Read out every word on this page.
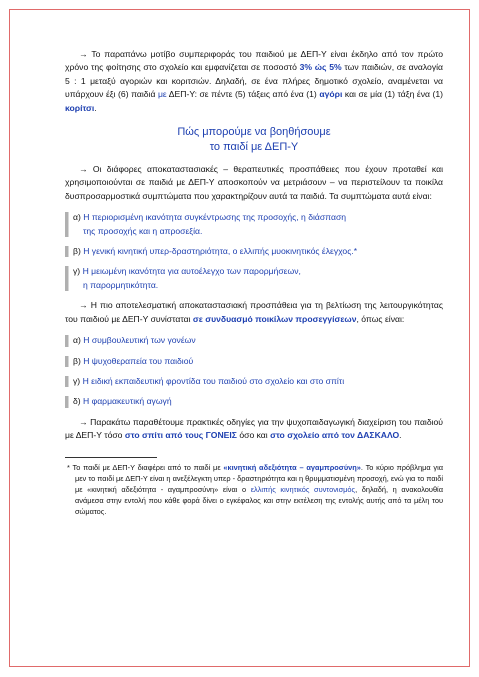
→ Το παραπάνω μοτίβο συμπεριφοράς του παιδιού με ΔΕΠ-Υ είναι έκδηλο από τον πρώτο χρόνο της φοίτησης στο σχολείο και εμφανίζεται σε ποσοστό 3% ώς 5% των παιδιών, σε αναλογία 5 : 1 μεταξύ αγοριών και κοριτσιών. Δηλαδή, σε ένα πλήρες δημοτικό σχολείο, αναμένεται να υπάρχουν έξι (6) παιδιά με ΔΕΠ-Υ: σε πέντε (5) τάξεις από ένα (1) αγόρι και σε μία (1) τάξη ένα (1) κορίτσι.

Πώς μπορούμε να βοηθήσουμε
το παιδί με ΔΕΠ-Υ

→ Οι διάφορες αποκαταστασιακές – θεραπευτικές προσπάθειες που έχουν προταθεί και χρησιμοποιούνται σε παιδιά με ΔΕΠ-Υ αποσκοπούν να μετριάσουν – να περιστείλουν τα ποικίλα δυσπροσαρμοστικά συμπτώματα που χαρακτηρίζουν αυτά τα παιδιά. Τα συμπτώματα αυτά είναι:

α) Η περιορισμένη ικανότητα συγκέντρωσης της προσοχής, η διάσπαση
της προσοχής και η απροσεξία.
β) Η γενική κινητική υπερ-δραστηριότητα, ο ελλιπής μυοκινητικός έλεγχος.*
γ) Η μειωμένη ικανότητα για αυτοέλεγχο των παρορμήσεων,
η παρορμητικότητα.

→ Η πιο αποτελεσματική αποκαταστασιακή προσπάθεια για τη βελτίωση της λειτουργικότητας του παιδιού με ΔΕΠ-Υ συνίσταται σε συνδυασμό ποικίλων προσεγγίσεων, όπως είναι:

α) Η συμβουλευτική των γονέων
β) Η ψυχοθεραπεία του παιδιού
γ) Η ειδική εκπαιδευτική φροντίδα του παιδιού στο σχολείο και στο σπίτι
δ) Η φαρμακευτική αγωγή

→ Παρακάτω παραθέτουμε πρακτικές οδηγίες για την ψυχοπαιδαγωγική διαχείριση του παιδιού με ΔΕΠ-Υ τόσο στο σπίτι από τους ΓΟΝΕΙΣ όσο και στο σχολείο από τον ΔΑΣΚΑΛΟ.

* Το παιδί με ΔΕΠ-Υ διαφέρει από το παιδί με «κινητική αδεξιότητα – αγαμπροσύνη». Το κύριο πρόβλημα για μεν το παιδί με ΔΕΠ-Υ είναι η ανεξέλεγκτη υπερ - δραστηριότητα και η θρυμματισμένη προσοχή, ενώ για το παιδί με «κινητική αδεξιότητα - αγαμπροσύνη» είναι ο ελλιπής κινητικός συντονισμός, δηλαδή, η ανακολουθία ανάμεσα στην εντολή που κάθε φορά δίνει ο εγκέφαλος και στην εκτέλεση της εντολής αυτής από τα μέλη του σώματος.
